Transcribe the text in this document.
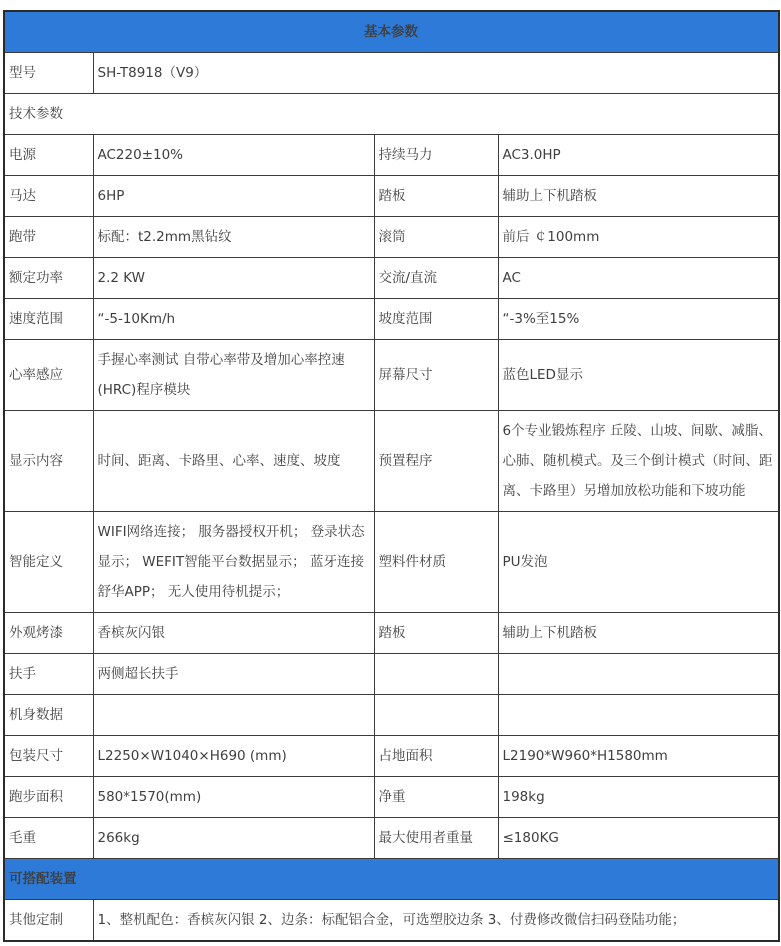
基本参数			
型号	SH-T8918（V9）		
技术参数			
电源	AC220±10%	持续马力	AC3.0HP
马达	6HP	踏板	辅助上下机踏板
跑带	标配：t2.2mm黑钻纹	滚筒	前后 ￠100mm
额定功率	2.2 KW	交流/直流	AC
速度范围	“-5-10Km/h	坡度范围	“-3%至15%
心率感应	手握心率测试 自带心率带及增加心率控速(HRC)程序模块	屏幕尺寸	蓝色LED显示
显示内容	时间、距离、卡路里、心率、速度、坡度	预置程序	6个专业锻炼程序 丘陵、山坡、间歇、减脂、心肺、随机模式。及三个倒计模式（时间、距离、卡路里）另增加放松功能和下坡功能
智能定义	WIFI网络连接； 服务器授权开机； 登录状态显示； WEFIT智能平台数据显示； 蓝牙连接舒华APP； 无人使用待机提示；	塑料件材质	PU发泡
外观烤漆	香槟灰闪银	踏板	辅助上下机踏板
扶手	两侧超长扶手		
机身数据			
包装尺寸	L2250×W1040×H690 (mm)	占地面积	L2190*W960*H1580mm
跑步面积	580*1570(mm)	净重	198kg
毛重	266kg	最大使用者重量	≤180KG
可搭配装置			
其他定制	1、整机配色：香槟灰闪银 2、边条：标配铝合金，可选塑胶边条 3、付费修改微信扫码登陆功能；		
